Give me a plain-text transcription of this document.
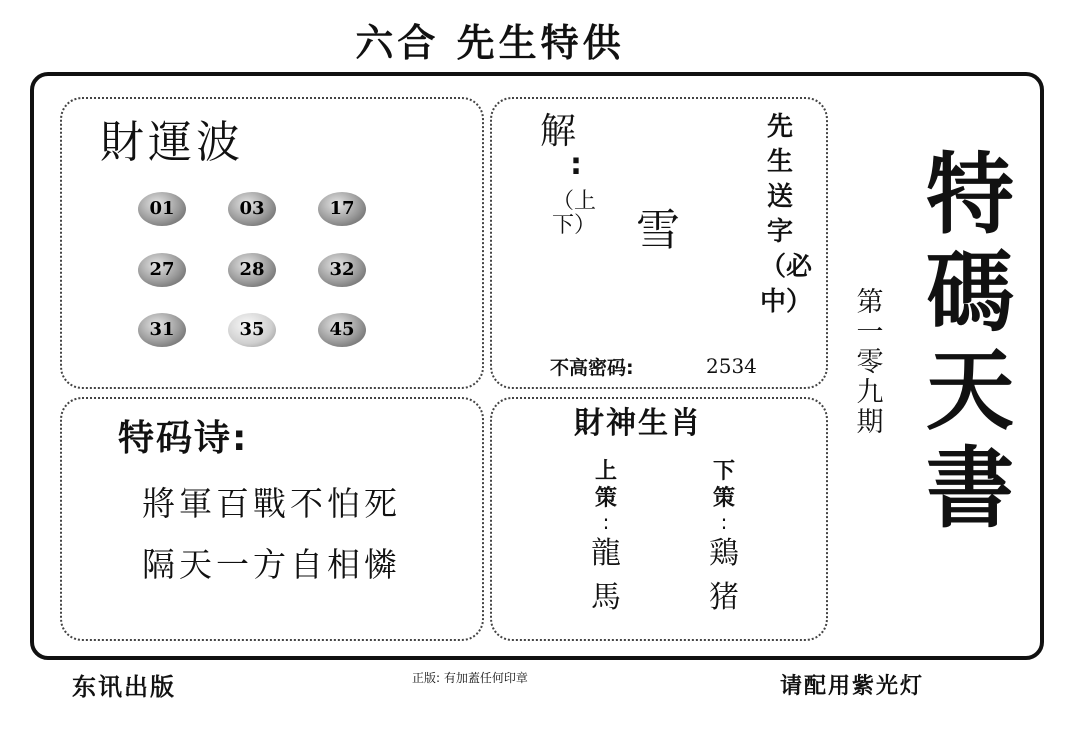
六合 先生特供
財運波
01	03	17
27	28	32
31	35	45
解
:
（上下） 雪
先生送字（必中）
不高密码:	2534
特码诗:
將軍百戰不怕死
隔天一方自相憐
財神生肖
上策
:
龍
馬
下策
:
鶏
猪
第一零九期
特碼天書
东讯出版	正版: 有加蓋任何印章	请配用紫光灯
